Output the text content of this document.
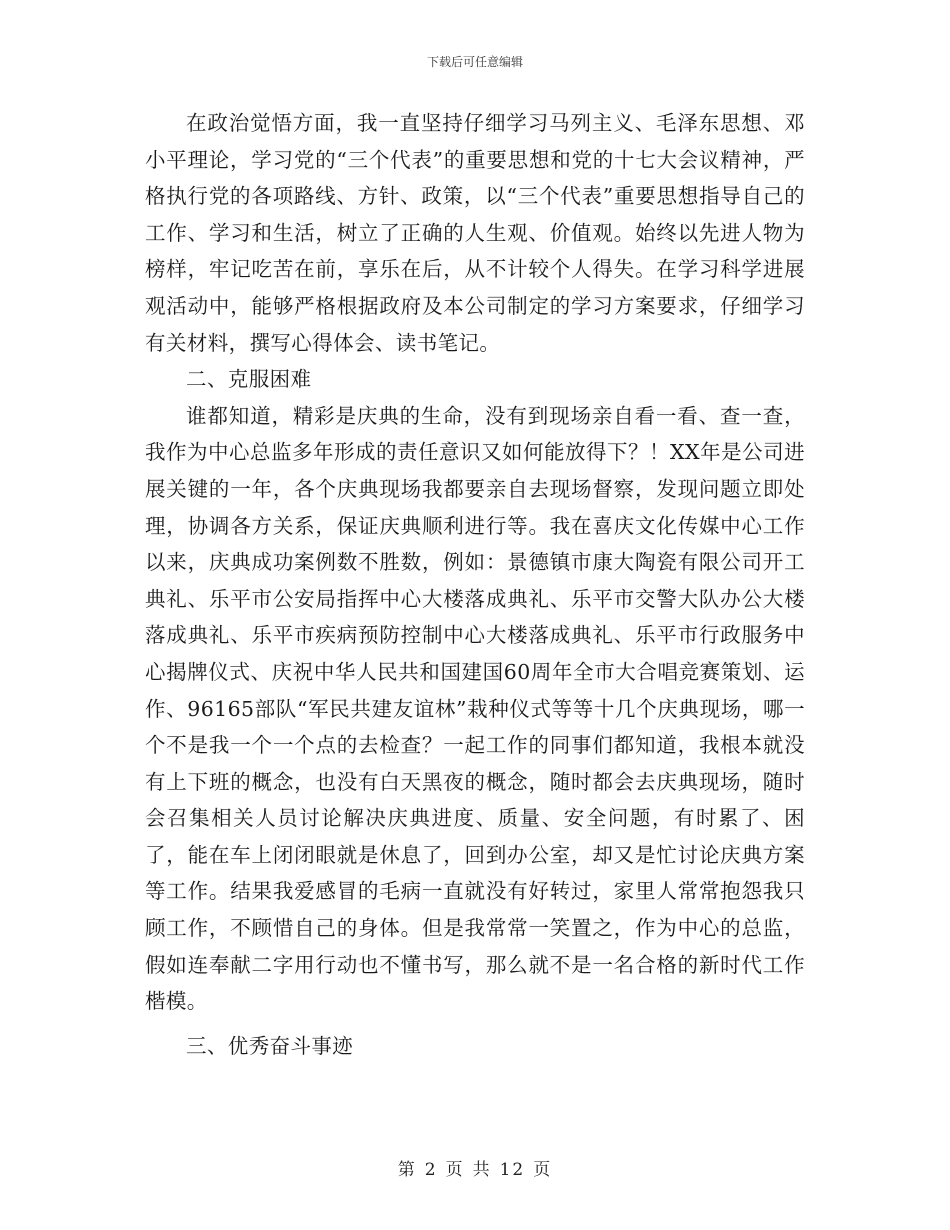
下载后可任意编辑

在政治觉悟方面，我一直坚持仔细学习马列主义、毛泽东思想、邓小平理论，学习党的“三个代表”的重要思想和党的十七大会议精神，严格执行党的各项路线、方针、政策，以“三个代表”重要思想指导自己的工作、学习和生活，树立了正确的人生观、价值观。始终以先进人物为榜样，牢记吃苦在前，享乐在后，从不计较个人得失。在学习科学进展观活动中，能够严格根据政府及本公司制定的学习方案要求，仔细学习有关材料，撰写心得体会、读书笔记。

二、克服困难

谁都知道，精彩是庆典的生命，没有到现场亲自看一看、查一查，我作为中心总监多年形成的责任意识又如何能放得下？！XX年是公司进展关键的一年，各个庆典现场我都要亲自去现场督察，发现问题立即处理，协调各方关系，保证庆典顺利进行等。我在喜庆文化传媒中心工作以来，庆典成功案例数不胜数，例如：景德镇市康大陶瓷有限公司开工典礼、乐平市公安局指挥中心大楼落成典礼、乐平市交警大队办公大楼落成典礼、乐平市疾病预防控制中心大楼落成典礼、乐平市行政服务中心揭牌仪式、庆祝中华人民共和国建国60周年全市大合唱竞赛策划、运作、96165部队“军民共建友谊林”栽种仪式等等十几个庆典现场，哪一个不是我一个一个点的去检查？一起工作的同事们都知道，我根本就没有上下班的概念，也没有白天黑夜的概念，随时都会去庆典现场，随时会召集相关人员讨论解决庆典进度、质量、安全问题，有时累了、困了，能在车上闭闭眼就是休息了，回到办公室，却又是忙讨论庆典方案等工作。结果我爱感冒的毛病一直就没有好转过，家里人常常抱怨我只顾工作，不顾惜自己的身体。但是我常常一笑置之，作为中心的总监，假如连奉献二字用行动也不懂书写，那么就不是一名合格的新时代工作楷模。

三、优秀奋斗事迹

第 2 页 共 12 页
